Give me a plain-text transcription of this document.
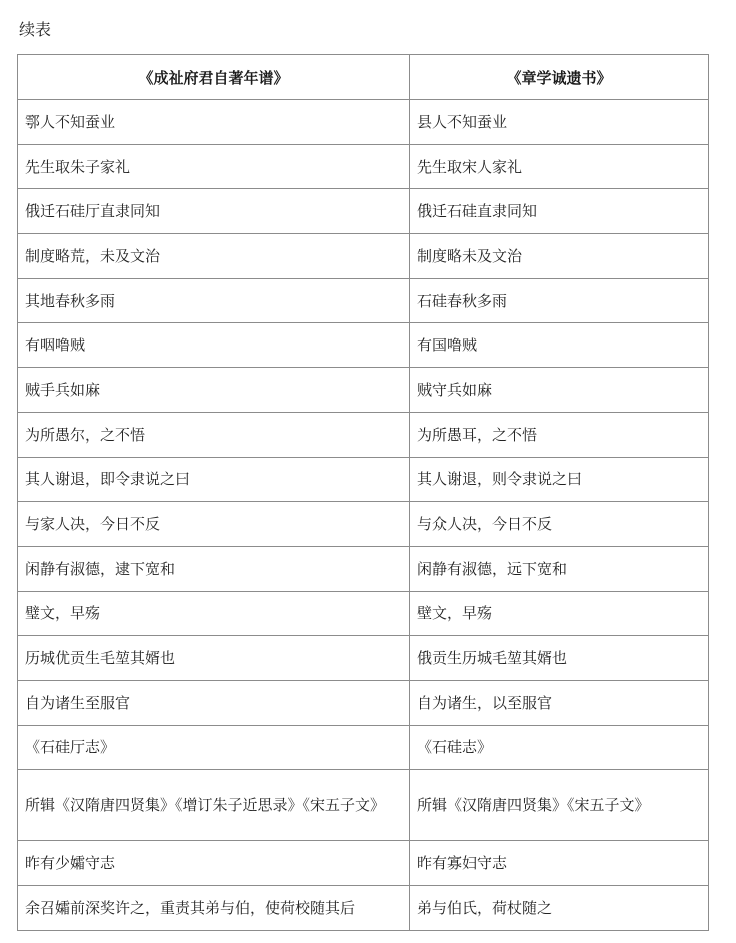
续表
《成祉府君自著年谱》	《章学诚遗书》
鄠人不知蚕业	县人不知蚕业
先生取朱子家礼	先生取宋人家礼
俄迁石硅厅直隶同知	俄迁石硅直隶同知
制度略荒，未及文治	制度略未及文治
其地春秋多雨	石硅春秋多雨
有咽噜贼	有国噜贼
贼手兵如麻	贼守兵如麻
为所愚尔，之不悟	为所愚耳，之不悟
其人谢退，即令隶说之曰	其人谢退，则令隶说之曰
与家人决，今日不反	与众人决，今日不反
闲静有淑德，逮下宽和	闲静有淑德，远下宽和
璧文，早殇	壁文，早殇
历城优贡生毛堃其婿也	俄贡生历城毛堃其婿也
自为诸生至服官	自为诸生，以至服官
《石硅厅志》	《石硅志》
所辑《汉隋唐四贤集》《增订朱子近思录》《宋五子文》	所辑《汉隋唐四贤集》《宋五子文》
昨有少孀守志	昨有寡妇守志
余召孀前深奖许之，重责其弟与伯，使荷校随其后	弟与伯氏，荷杖随之
